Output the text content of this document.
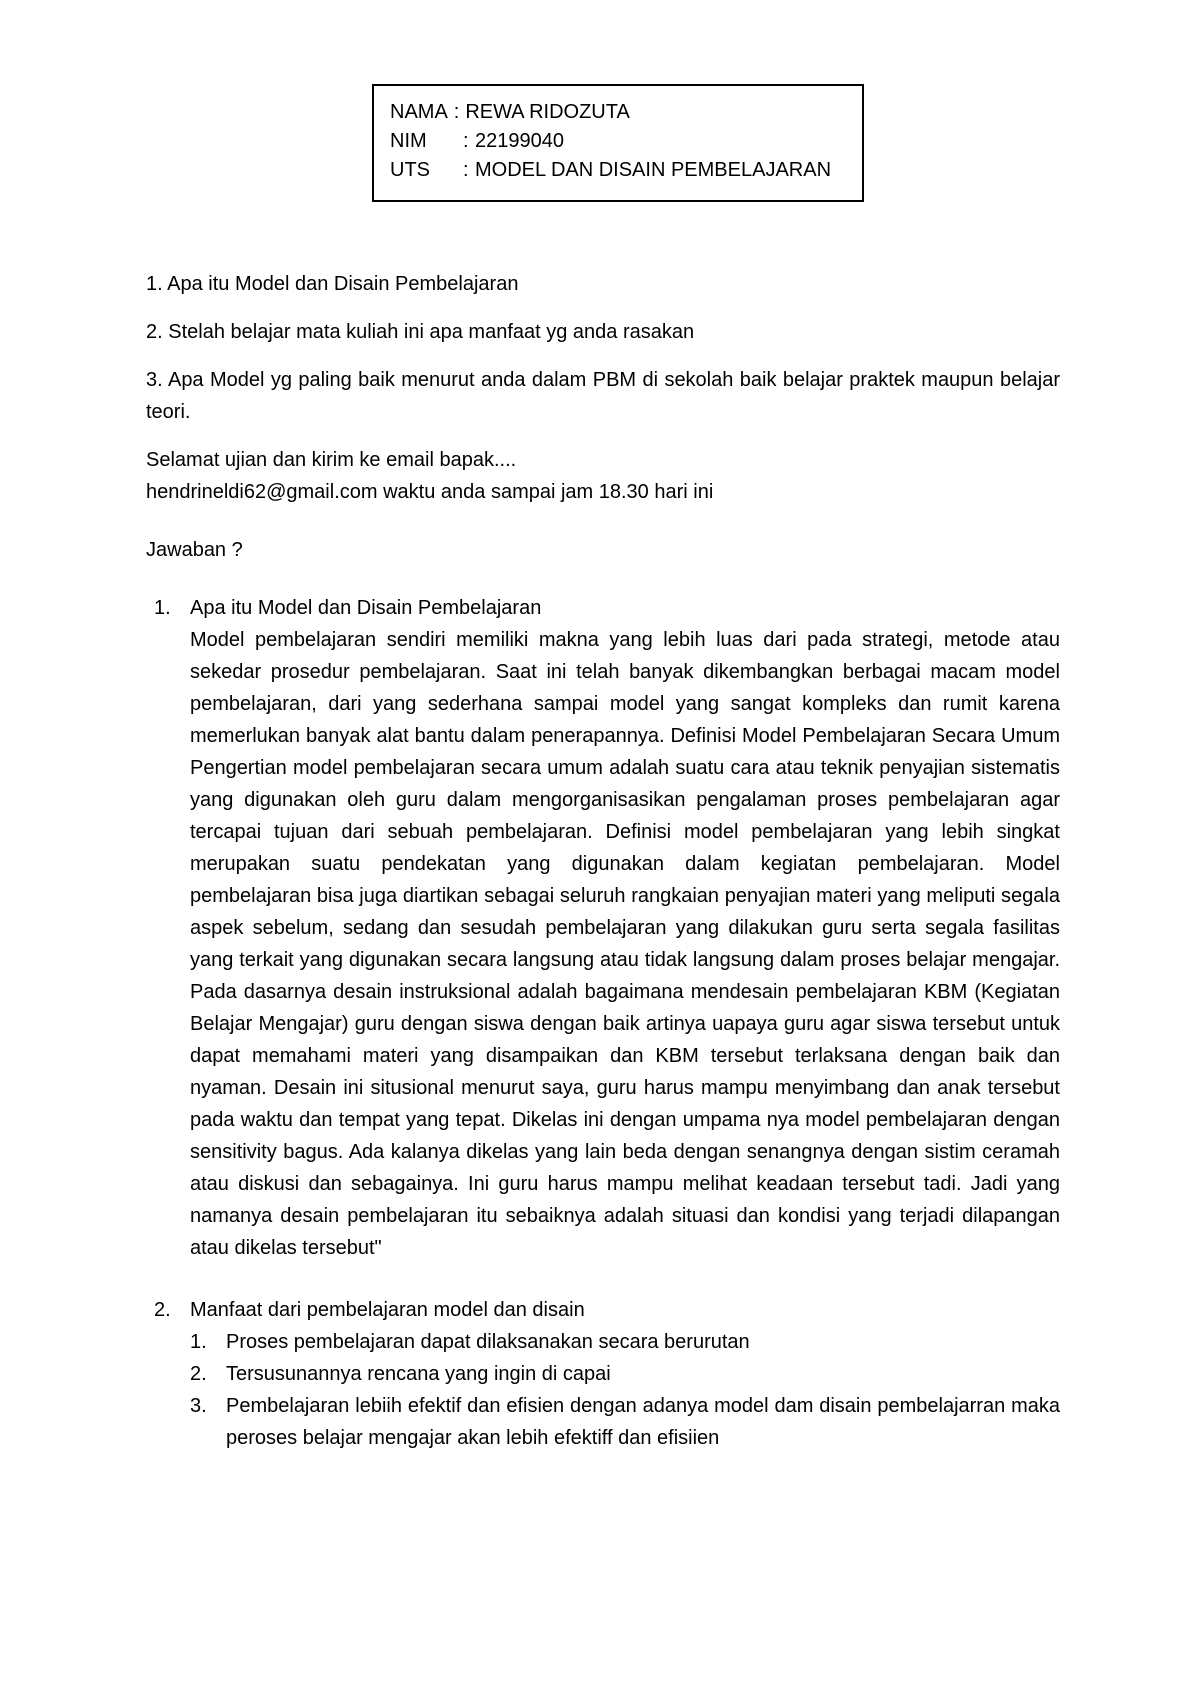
NAMA : REWA RIDOZUTA
NIM	: 22199040
UTS	: MODEL DAN DISAIN PEMBELAJARAN

1. Apa itu Model dan Disain Pembelajaran

2. Stelah belajar mata kuliah ini apa manfaat yg anda rasakan

3. Apa Model yg paling baik menurut anda dalam PBM di sekolah baik belajar praktek maupun belajar teori.

Selamat ujian dan kirim ke email bapak....

hendrineldi62@gmail.com waktu anda sampai jam 18.30 hari ini

Jawaban ?

1. Apa itu Model dan Disain Pembelajaran

Model pembelajaran sendiri memiliki makna yang lebih luas dari pada strategi, metode atau sekedar prosedur pembelajaran. Saat ini telah banyak dikembangkan berbagai macam model pembelajaran, dari yang sederhana sampai model yang sangat kompleks dan rumit karena memerlukan banyak alat bantu dalam penerapannya. Definisi Model Pembelajaran Secara Umum Pengertian model pembelajaran secara umum adalah suatu cara atau teknik penyajian sistematis yang digunakan oleh guru dalam mengorganisasikan pengalaman proses pembelajaran agar tercapai tujuan dari sebuah pembelajaran. Definisi model pembelajaran yang lebih singkat merupakan suatu pendekatan yang digunakan dalam kegiatan pembelajaran. Model pembelajaran bisa juga diartikan sebagai seluruh rangkaian penyajian materi yang meliputi segala aspek sebelum, sedang dan sesudah pembelajaran yang dilakukan guru serta segala fasilitas yang terkait yang digunakan secara langsung atau tidak langsung dalam proses belajar mengajar. Pada dasarnya desain instruksional adalah bagaimana mendesain pembelajaran KBM (Kegiatan Belajar Mengajar) guru dengan siswa dengan baik artinya uapaya guru agar siswa tersebut untuk dapat memahami materi yang disampaikan dan KBM tersebut terlaksana dengan baik dan nyaman. Desain ini situsional menurut saya, guru harus mampu menyimbang dan anak tersebut pada waktu dan tempat yang tepat. Dikelas ini dengan umpama nya model pembelajaran dengan sensitivity bagus. Ada kalanya dikelas yang lain beda dengan senangnya dengan sistim ceramah atau diskusi dan sebagainya. Ini guru harus mampu melihat keadaan tersebut tadi. Jadi yang namanya desain pembelajaran itu sebaiknya adalah situasi dan kondisi yang terjadi dilapangan atau dikelas tersebut"

2. Manfaat dari pembelajaran model dan disain

1. Proses pembelajaran dapat dilaksanakan secara berurutan
2. Tersusunannya rencana yang ingin di capai
3. Pembelajaran lebiih efektif dan efisien dengan adanya model dam disain pembelajarran maka peroses belajar mengajar akan lebih efektiff dan efisiien
